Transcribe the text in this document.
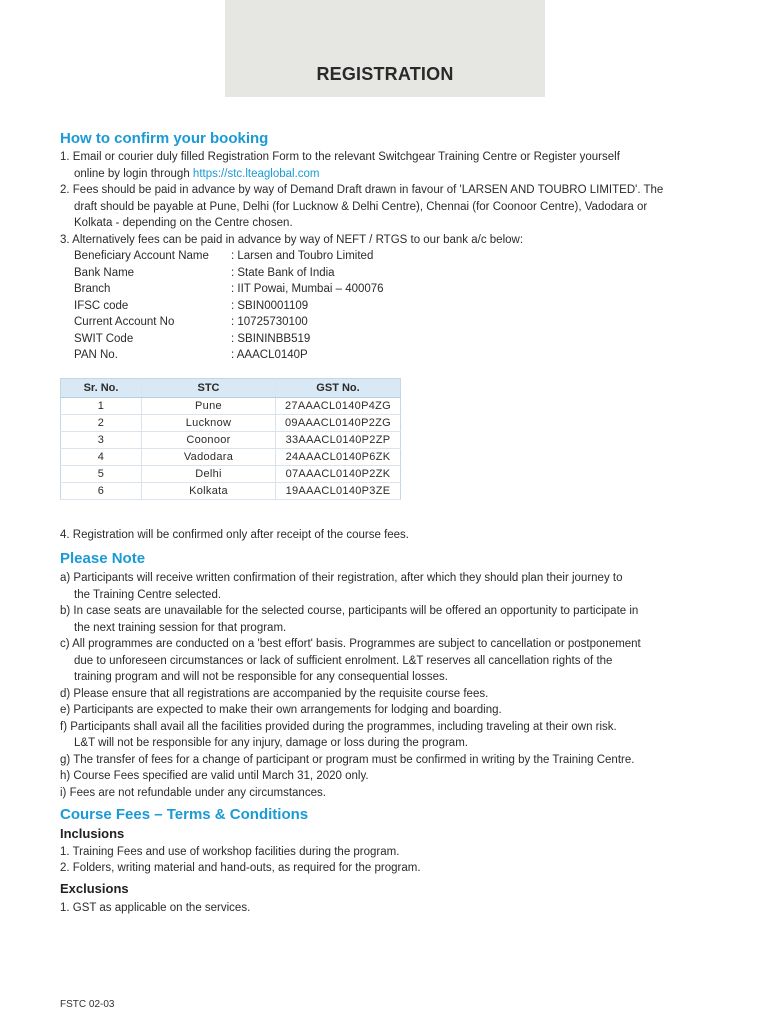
REGISTRATION
How to confirm your booking
1. Email or courier duly filled Registration Form to the relevant Switchgear Training Centre or Register yourself
online by login through https://stc.lteaglobal.com
2. Fees should be paid in advance by way of Demand Draft drawn in favour of 'LARSEN AND TOUBRO LIMITED'. The
draft should be payable at Pune, Delhi (for Lucknow & Delhi Centre), Chennai (for Coonoor Centre), Vadodara or
Kolkata - depending on the Centre chosen.
3. Alternatively fees can be paid in advance by way of NEFT / RTGS to our bank a/c below:
Beneficiary Account Name : Larsen and Toubro Limited
Bank Name	: State Bank of India
Branch	: IIT Powai, Mumbai – 400076
IFSC code	: SBIN0001109
Current Account No	: 10725730100
SWIT Code	: SBININBB519
PAN No.	: AAACL0140P
Sr. No.	STC	GST No.
1	Pune	27AAACL0140P4ZG
2	Lucknow	09AAACL0140P2ZG
3	Coonoor	33AAACL0140P2ZP
4	Vadodara	24AAACL0140P6ZK
5	Delhi	07AAACL0140P2ZK
6	Kolkata	19AAACL0140P3ZE
4. Registration will be confirmed only after receipt of the course fees.
Please Note
a) Participants will receive written confirmation of their registration, after which they should plan their journey to
the Training Centre selected.
b) In case seats are unavailable for the selected course, participants will be offered an opportunity to participate in
the next training session for that program.
c) All programmes are conducted on a 'best effort' basis. Programmes are subject to cancellation or postponement
due to unforeseen circumstances or lack of sufficient enrolment. L&T reserves all cancellation rights of the
training program and will not be responsible for any consequential losses.
d) Please ensure that all registrations are accompanied by the requisite course fees.
e) Participants are expected to make their own arrangements for lodging and boarding.
f) Participants shall avail all the facilities provided during the programmes, including traveling at their own risk.
L&T will not be responsible for any injury, damage or loss during the program.
g) The transfer of fees for a change of participant or program must be confirmed in writing by the Training Centre.
h) Course Fees specified are valid until March 31, 2020 only.
i) Fees are not refundable under any circumstances.
Course Fees – Terms & Conditions
Inclusions
1. Training Fees and use of workshop facilities during the program.
2. Folders, writing material and hand-outs, as required for the program.
Exclusions
1. GST as applicable on the services.
FSTC 02-03
